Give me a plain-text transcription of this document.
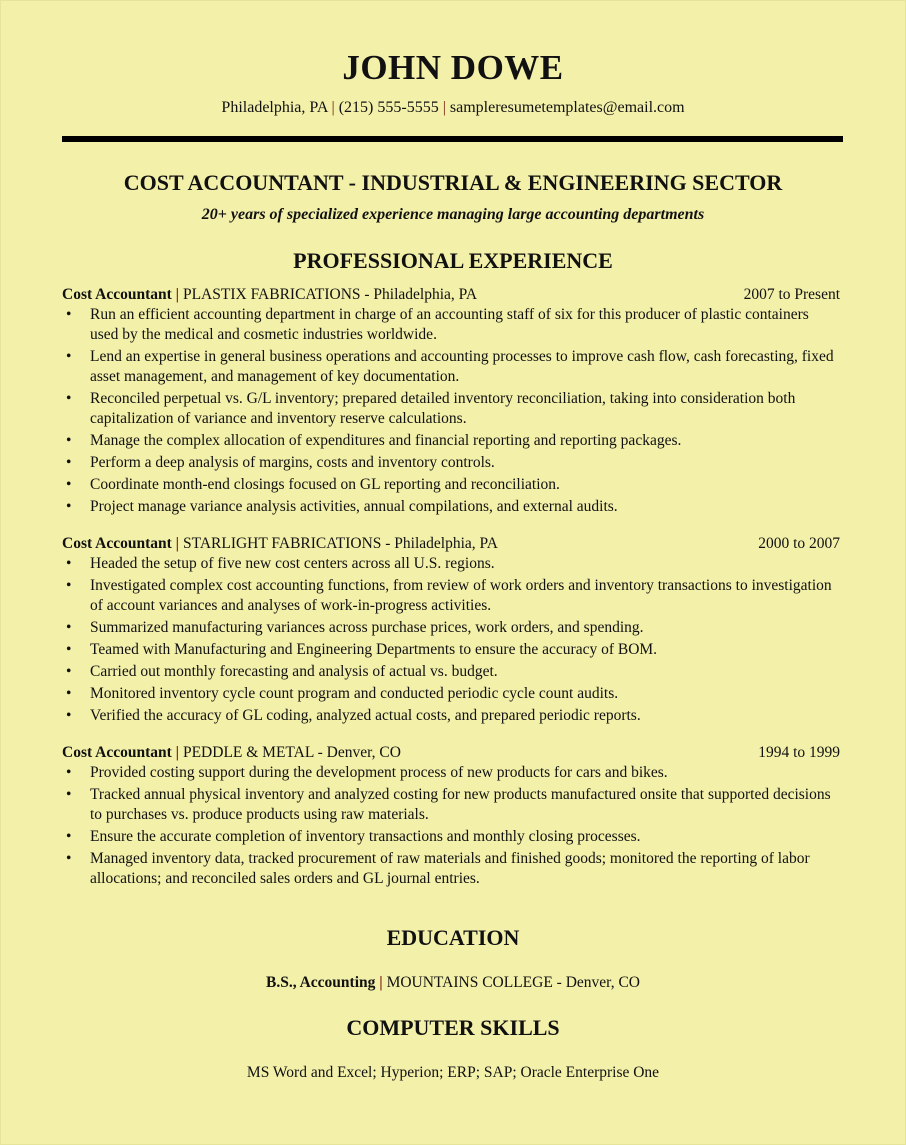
JOHN DOWE
Philadelphia, PA | (215) 555-5555 | sampleresumetemplates@email.com
COST ACCOUNTANT - INDUSTRIAL & ENGINEERING SECTOR
20+ years of specialized experience managing large accounting departments
PROFESSIONAL EXPERIENCE
Cost Accountant | PLASTIX FABRICATIONS - Philadelphia, PA	2007 to Present
• Run an efficient accounting department in charge of an accounting staff of six for this producer of plastic containers used by the medical and cosmetic industries worldwide.
• Lend an expertise in general business operations and accounting processes to improve cash flow, cash forecasting, fixed asset management, and management of key documentation.
• Reconciled perpetual vs. G/L inventory; prepared detailed inventory reconciliation, taking into consideration both capitalization of variance and inventory reserve calculations.
• Manage the complex allocation of expenditures and financial reporting and reporting packages.
• Perform a deep analysis of margins, costs and inventory controls.
• Coordinate month-end closings focused on GL reporting and reconciliation.
• Project manage variance analysis activities, annual compilations, and external audits.
Cost Accountant | STARLIGHT FABRICATIONS - Philadelphia, PA	2000 to 2007
• Headed the setup of five new cost centers across all U.S. regions.
• Investigated complex cost accounting functions, from review of work orders and inventory transactions to investigation of account variances and analyses of work-in-progress activities.
• Summarized manufacturing variances across purchase prices, work orders, and spending.
• Teamed with Manufacturing and Engineering Departments to ensure the accuracy of BOM.
• Carried out monthly forecasting and analysis of actual vs. budget.
• Monitored inventory cycle count program and conducted periodic cycle count audits.
• Verified the accuracy of GL coding, analyzed actual costs, and prepared periodic reports.
Cost Accountant | PEDDLE & METAL - Denver, CO	1994 to 1999
• Provided costing support during the development process of new products for cars and bikes.
• Tracked annual physical inventory and analyzed costing for new products manufactured onsite that supported decisions to purchases vs. produce products using raw materials.
• Ensure the accurate completion of inventory transactions and monthly closing processes.
• Managed inventory data, tracked procurement of raw materials and finished goods; monitored the reporting of labor allocations; and reconciled sales orders and GL journal entries.
EDUCATION
B.S., Accounting | MOUNTAINS COLLEGE - Denver, CO
COMPUTER SKILLS
MS Word and Excel; Hyperion; ERP; SAP; Oracle Enterprise One
